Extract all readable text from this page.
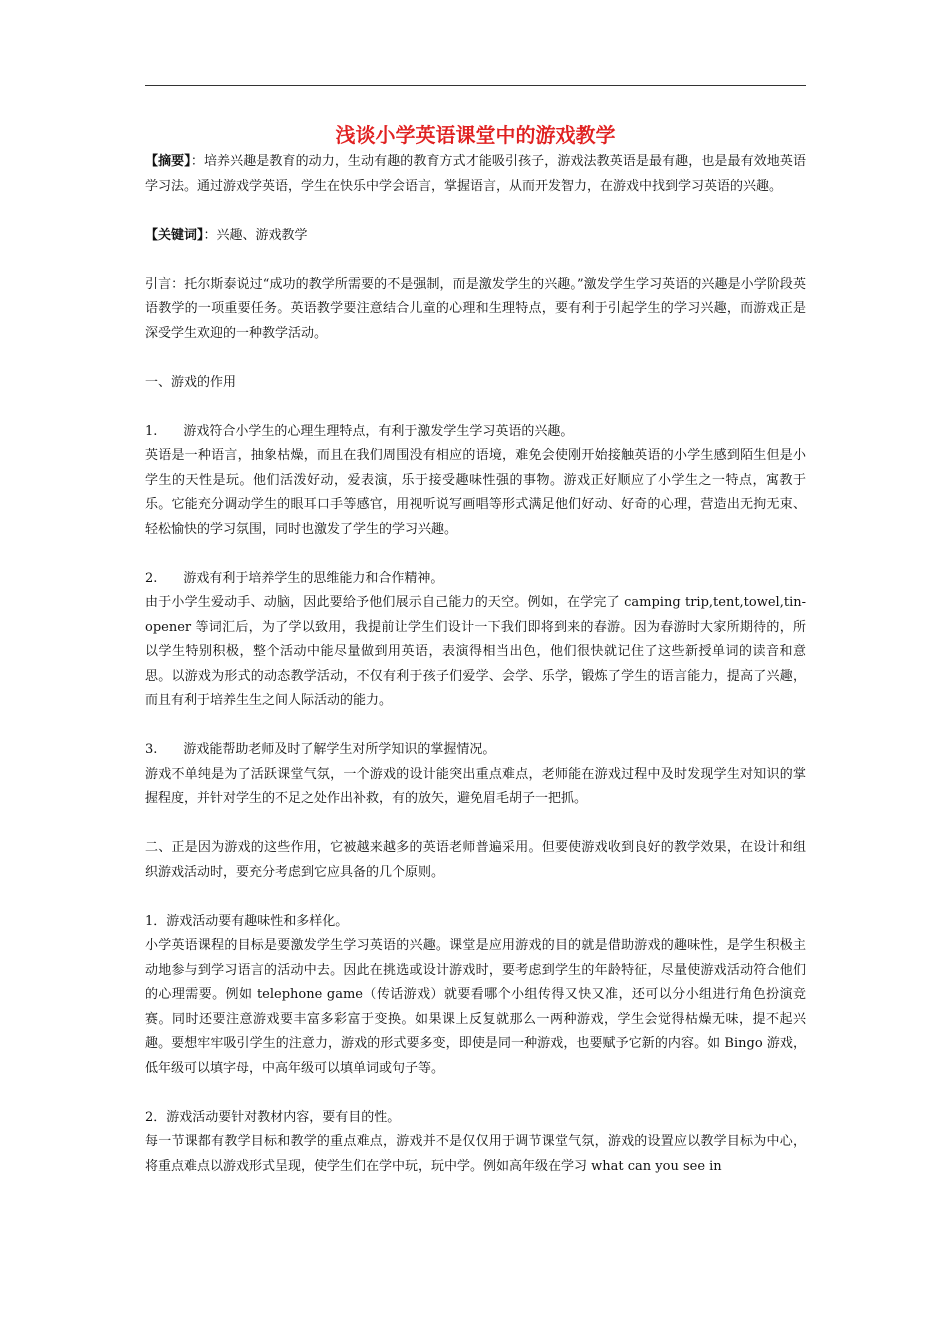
浅谈小学英语课堂中的游戏教学

【摘要】：培养兴趣是教育的动力，生动有趣的教育方式才能吸引孩子，游戏法教英语是最有趣，也是最有效地英语学习法。通过游戏学英语，学生在快乐中学会语言，掌握语言，从而开发智力，在游戏中找到学习英语的兴趣。

【关键词】：兴趣、游戏教学

引言：托尔斯泰说过“成功的教学所需要的不是强制，而是激发学生的兴趣。”激发学生学习英语的兴趣是小学阶段英语教学的一项重要任务。英语教学要注意结合儿童的心理和生理特点，要有利于引起学生的学习兴趣，而游戏正是深受学生欢迎的一种教学活动。

一、游戏的作用

1.　　游戏符合小学生的心理生理特点，有利于激发学生学习英语的兴趣。

英语是一种语言，抽象枯燥，而且在我们周围没有相应的语境，难免会使刚开始接触英语的小学生感到陌生但是小学生的天性是玩。他们活泼好动，爱表演，乐于接受趣味性强的事物。游戏正好顺应了小学生之一特点，寓教于乐。它能充分调动学生的眼耳口手等感官，用视听说写画唱等形式满足他们好动、好奇的心理，营造出无拘无束、轻松愉快的学习氛围，同时也激发了学生的学习兴趣。

2.　　游戏有利于培养学生的思维能力和合作精神。

由于小学生爱动手、动脑，因此要给予他们展示自己能力的天空。例如，在学完了 camping trip,tent,towel,tin-opener 等词汇后，为了学以致用，我提前让学生们设计一下我们即将到来的春游。因为春游时大家所期待的，所以学生特别积极，整个活动中能尽量做到用英语，表演得相当出色，他们很快就记住了这些新授单词的读音和意思。以游戏为形式的动态教学活动，不仅有利于孩子们爱学、会学、乐学，锻炼了学生的语言能力，提高了兴趣，而且有利于培养生生之间人际活动的能力。

3.　　游戏能帮助老师及时了解学生对所学知识的掌握情况。

游戏不单纯是为了活跃课堂气氛，一个游戏的设计能突出重点难点，老师能在游戏过程中及时发现学生对知识的掌握程度，并针对学生的不足之处作出补救，有的放矢，避免眉毛胡子一把抓。

二、正是因为游戏的这些作用，它被越来越多的英语老师普遍采用。但要使游戏收到良好的教学效果，在设计和组织游戏活动时，要充分考虑到它应具备的几个原则。

1．游戏活动要有趣味性和多样化。

小学英语课程的目标是要激发学生学习英语的兴趣。课堂是应用游戏的目的就是借助游戏的趣味性，是学生积极主动地参与到学习语言的活动中去。因此在挑选或设计游戏时，要考虑到学生的年龄特征，尽量使游戏活动符合他们的心理需要。例如 telephone game（传话游戏）就要看哪个小组传得又快又准，还可以分小组进行角色扮演竞赛。同时还要注意游戏要丰富多彩富于变换。如果课上反复就那么一两种游戏，学生会觉得枯燥无味，提不起兴趣。要想牢牢吸引学生的注意力，游戏的形式要多变，即使是同一种游戏，也要赋予它新的内容。如 Bingo 游戏，低年级可以填字母，中高年级可以填单词或句子等。

2．游戏活动要针对教材内容，要有目的性。

每一节课都有教学目标和教学的重点难点，游戏并不是仅仅用于调节课堂气氛，游戏的设置应以教学目标为中心，将重点难点以游戏形式呈现，使学生们在学中玩，玩中学。例如高年级在学习 what can you see in
